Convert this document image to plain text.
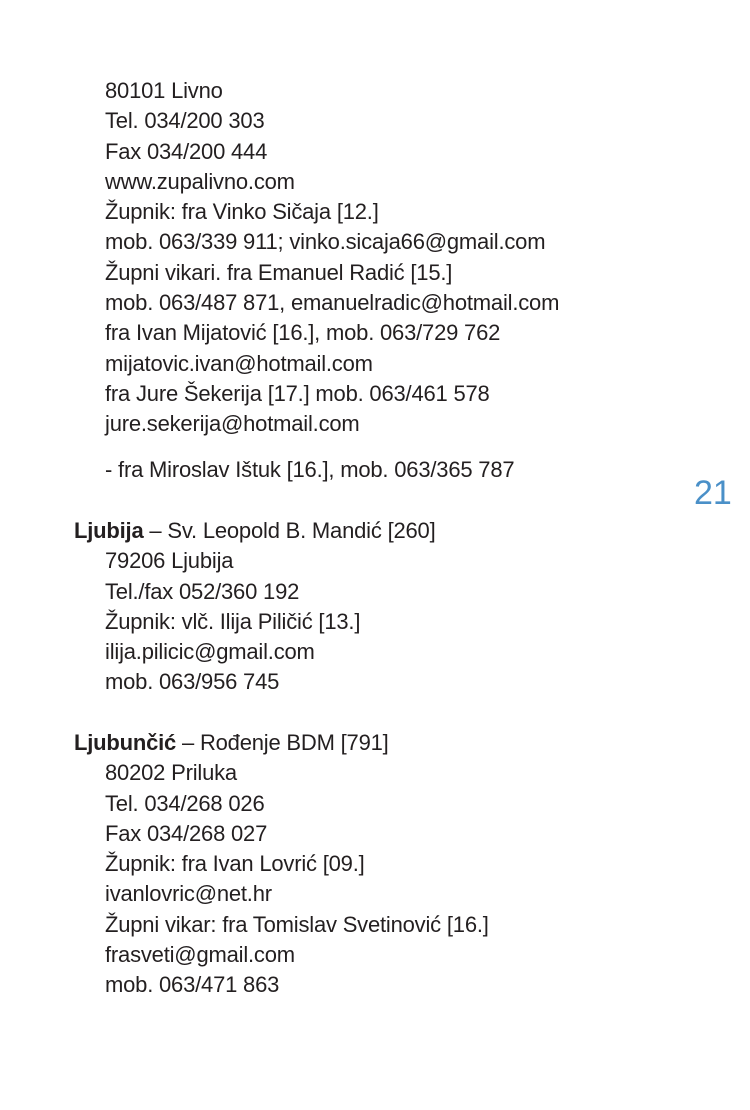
80101 Livno
Tel. 034/200 303
Fax 034/200 444
www.zupalivno.com
Župnik: fra Vinko Sičaja [12.]
mob. 063/339 911; vinko.sicaja66@gmail.com
Župni vikari. fra Emanuel Radić [15.]
mob. 063/487 871, emanuelradic@hotmail.com
fra Ivan Mijatović [16.], mob. 063/729 762
mijatovic.ivan@hotmail.com
fra Jure Šekerija [17.] mob. 063/461 578
jure.sekerija@hotmail.com
- fra Miroslav Ištuk [16.], mob. 063/365 787
Ljubija – Sv. Leopold B. Mandić [260]
79206 Ljubija
Tel./fax 052/360 192
Župnik: vlč. Ilija Piličić [13.]
ilija.pilicic@gmail.com
mob. 063/956 745
Ljubunčić – Rođenje BDM [791]
80202 Priluka
Tel. 034/268 026
Fax 034/268 027
Župnik: fra Ivan Lovrić [09.]
ivanlovric@net.hr
Župni vikar: fra Tomislav Svetinović [16.]
frasveti@gmail.com
mob. 063/471 863
21
